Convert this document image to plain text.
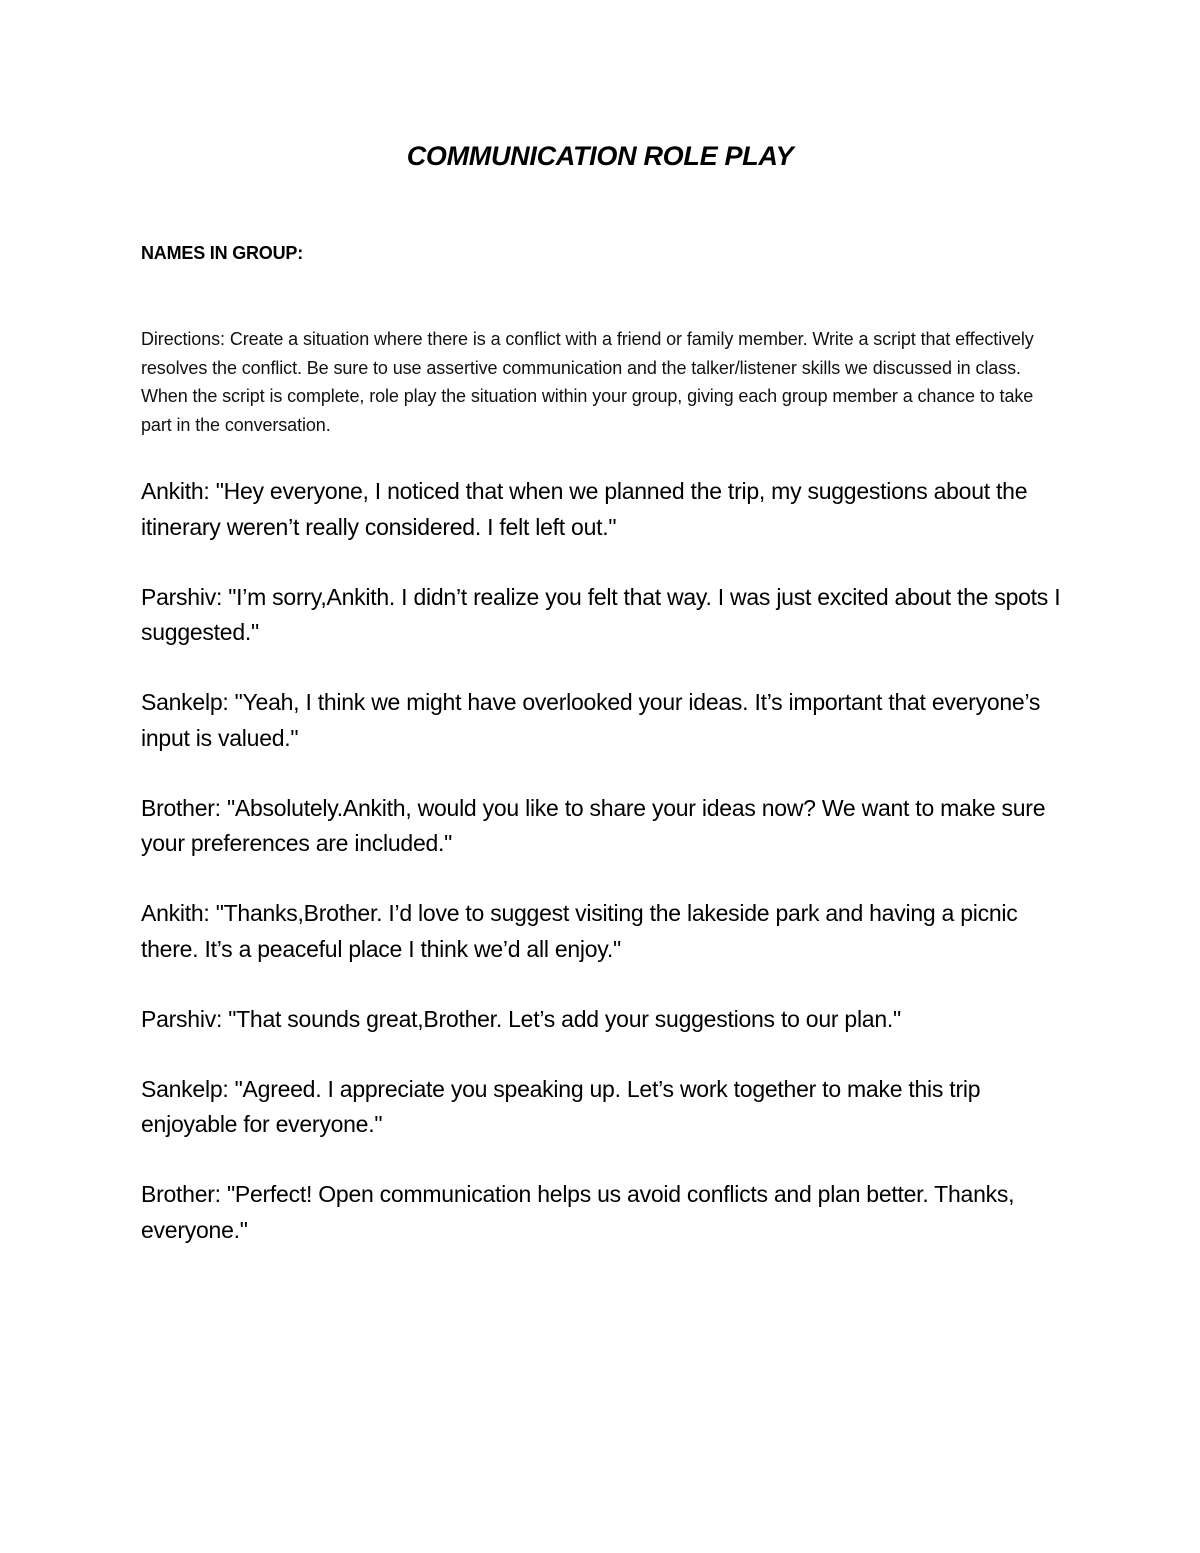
COMMUNICATION ROLE PLAY
NAMES IN GROUP:
Directions: Create a situation where there is a conflict with a friend or family member. Write a script that effectively resolves the conflict. Be sure to use assertive communication and the talker/listener skills we discussed in class. When the script is complete, role play the situation within your group, giving each group member a chance to take part in the conversation.

Ankith: "Hey everyone, I noticed that when we planned the trip, my suggestions about the itinerary weren’t really considered. I felt left out."

Parshiv: "I’m sorry,Ankith. I didn’t realize you felt that way. I was just excited about the spots I suggested."

Sankelp: "Yeah, I think we might have overlooked your ideas. It’s important that everyone’s input is valued."

Brother: "Absolutely.Ankith, would you like to share your ideas now? We want to make sure your preferences are included."

Ankith: "Thanks,Brother. I’d love to suggest visiting the lakeside park and having a picnic there. It’s a peaceful place I think we’d all enjoy."

Parshiv: "That sounds great,Brother. Let’s add your suggestions to our plan."

Sankelp: "Agreed. I appreciate you speaking up. Let’s work together to make this trip enjoyable for everyone."

Brother: "Perfect! Open communication helps us avoid conflicts and plan better. Thanks, everyone."
